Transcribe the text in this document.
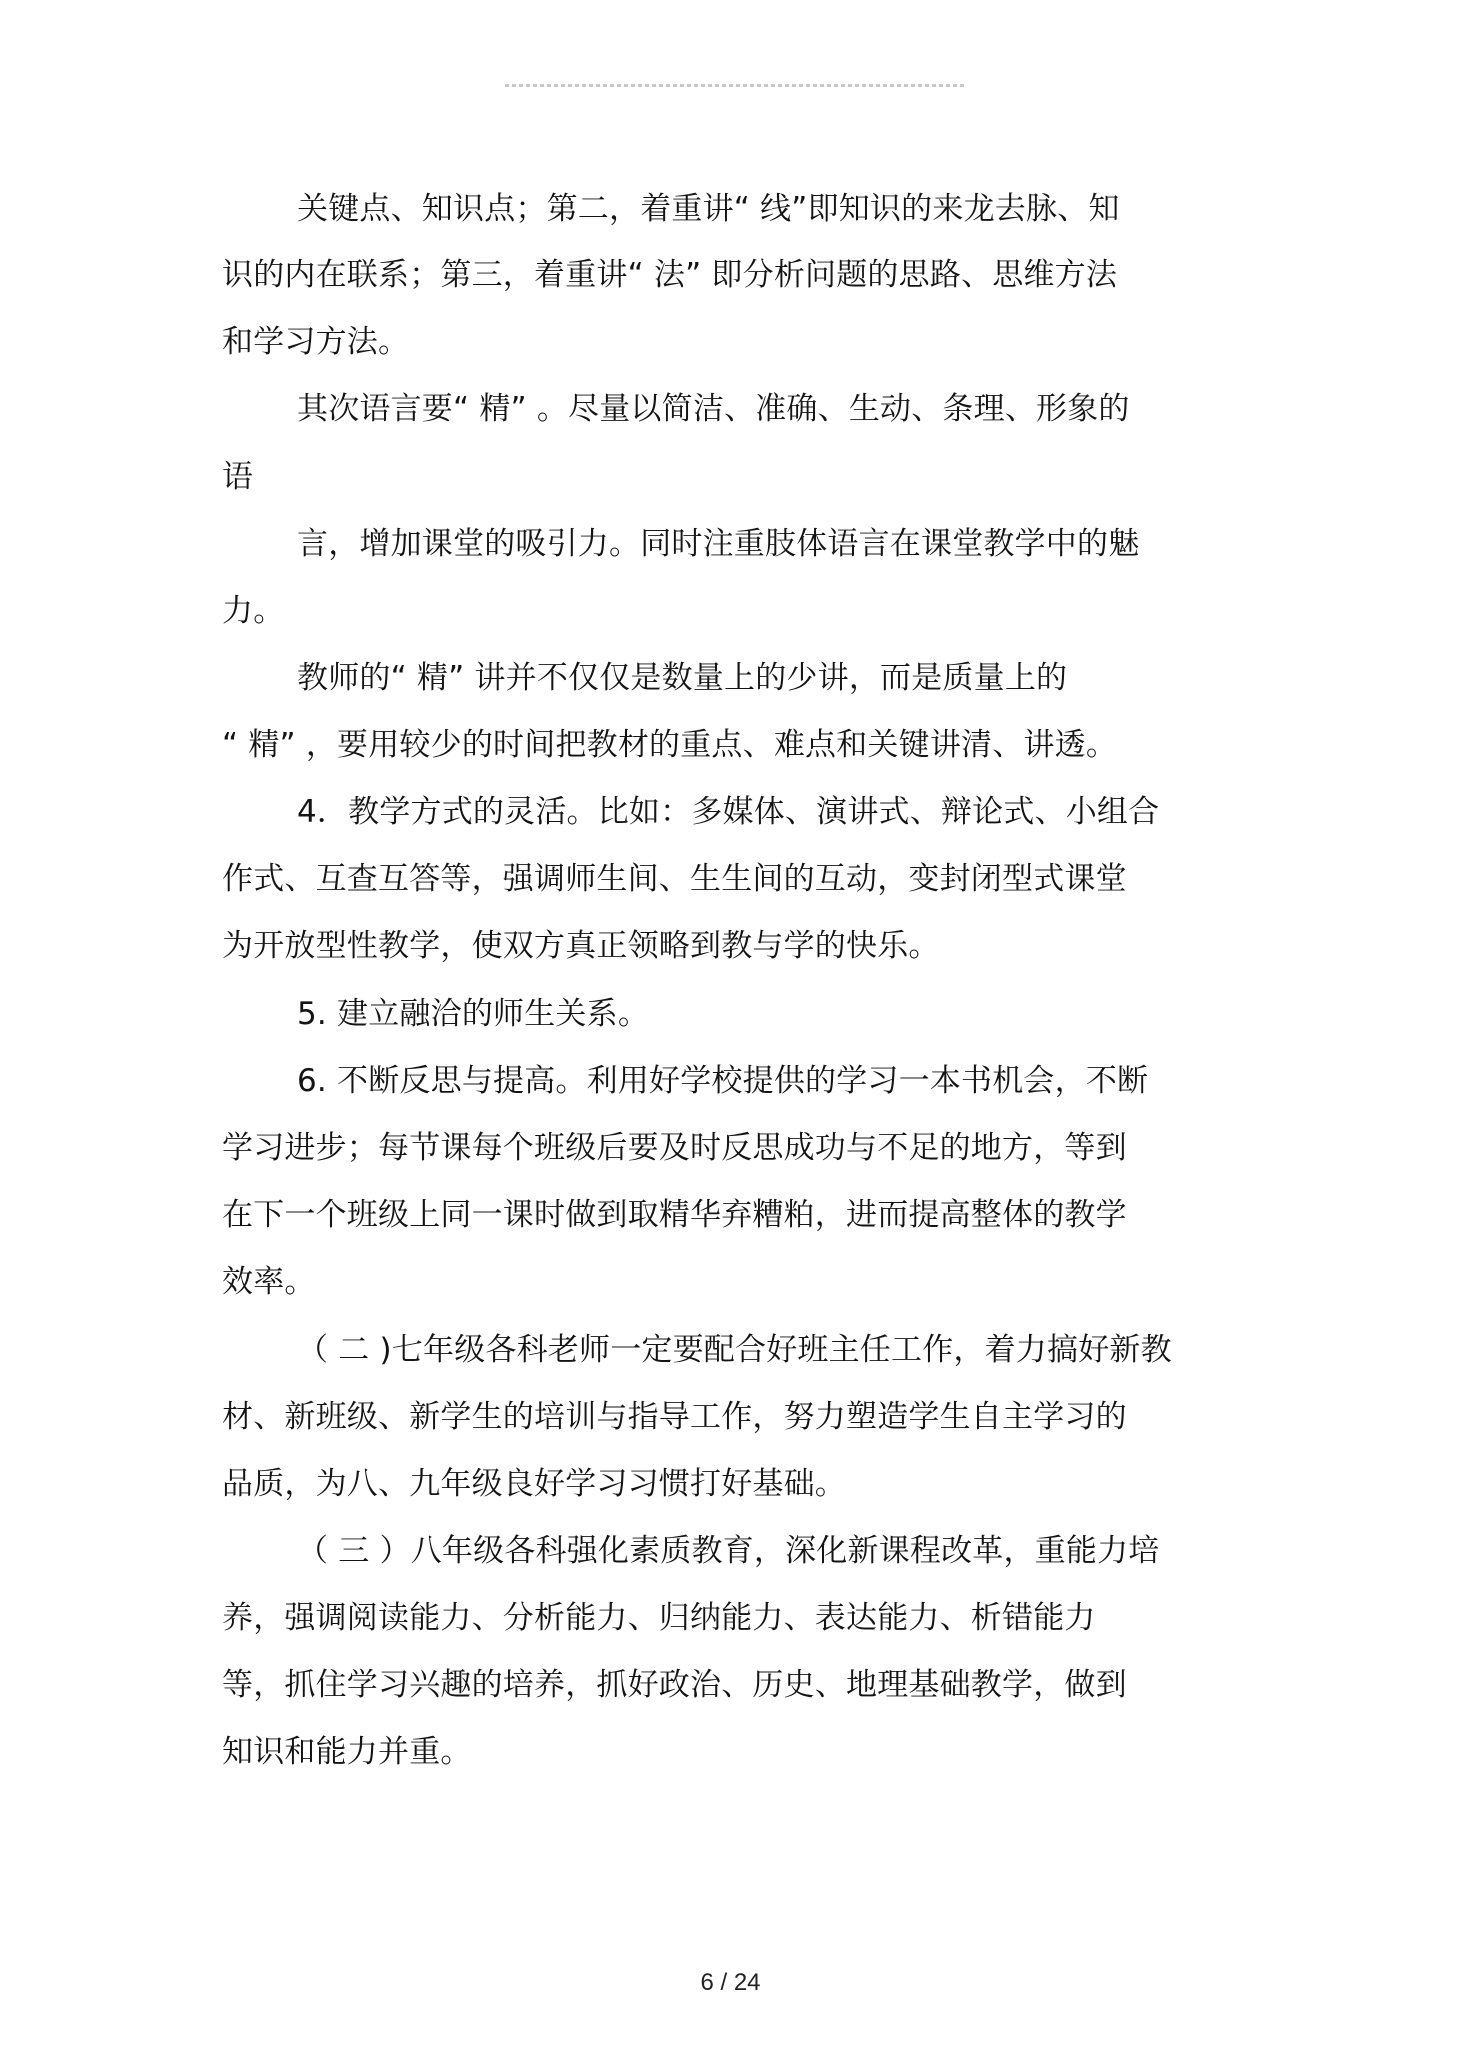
关键点、知识点；第二，着重讲“ 线”即知识的来龙去脉、知
识的内在联系；第三，着重讲“ 法” 即分析问题的思路、思维方法
和学习方法。
其次语言要“ 精” 。尽量以简洁、准确、生动、条理、形象的
语
言，增加课堂的吸引力。同时注重肢体语言在课堂教学中的魅
力。
教师的“ 精” 讲并不仅仅是数量上的少讲，而是质量上的
“ 精” ，要用较少的时间把教材的重点、难点和关键讲清、讲透。
4．教学方式的灵活。比如：多媒体、演讲式、辩论式、小组合
作式、互查互答等，强调师生间、生生间的互动，变封闭型式课堂
为开放型性教学，使双方真正领略到教与学的快乐。
5. 建立融洽的师生关系。
6. 不断反思与提高。利用好学校提供的学习一本书机会，不断
学习进步；每节课每个班级后要及时反思成功与不足的地方，等到
在下一个班级上同一课时做到取精华弃糟粕，进而提高整体的教学
效率。
（ 二 )七年级各科老师一定要配合好班主任工作，着力搞好新教
材、新班级、新学生的培训与指导工作，努力塑造学生自主学习的
品质，为八、九年级良好学习习惯打好基础。
（ 三 ）八年级各科强化素质教育，深化新课程改革，重能力培
养，强调阅读能力、分析能力、归纳能力、表达能力、析错能力
等，抓住学习兴趣的培养，抓好政治、历史、地理基础教学，做到
知识和能力并重。
6 / 24
